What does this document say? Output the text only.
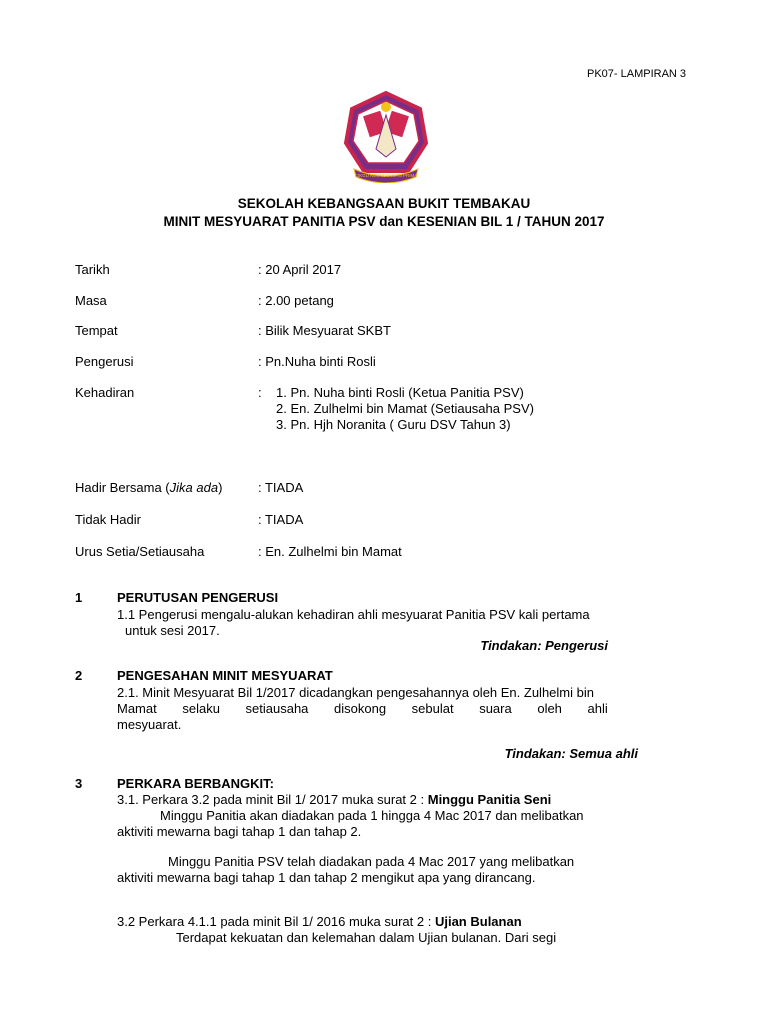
PK07- LAMPIRAN 3
CIKGU KEUNGGULAN PRIMA
SEKOLAH KEBANGSAAN BUKIT TEMBAKAU
MINIT MESYUARAT PANITIA PSV dan KESENIAN BIL 1 / TAHUN 2017
Tarikh	: 20 April 2017
Masa	: 2.00 petang
Tempat	: Bilik Mesyuarat SKBT
Pengerusi	: Pn.Nuha binti Rosli
Kehadiran	: 1. Pn. Nuha binti Rosli (Ketua Panitia PSV)
2. En. Zulhelmi bin Mamat (Setiausaha PSV)
3. Pn. Hjh Noranita ( Guru DSV Tahun 3)
Hadir Bersama (Jika ada)	: TIADA
Tidak Hadir	: TIADA
Urus Setia/Setiausaha	: En. Zulhelmi bin Mamat
1	PERUTUSAN PENGERUSI
1.1 Pengerusi mengalu-alukan kehadiran ahli mesyuarat Panitia PSV kali pertama
untuk sesi 2017.
Tindakan: Pengerusi
2	PENGESAHAN MINIT MESYUARAT
2.1. Minit Mesyuarat Bil 1/2017 dicadangkan pengesahannya oleh En. Zulhelmi bin
Mamat selaku setiausaha disokong sebulat suara oleh ahli
mesyuarat.
Tindakan: Semua ahli
3	PERKARA BERBANGKIT:
3.1. Perkara 3.2 pada minit Bil 1/ 2017 muka surat 2 : Minggu Panitia Seni
Minggu Panitia akan diadakan pada 1 hingga 4 Mac 2017 dan melibatkan
aktiviti mewarna bagi tahap 1 dan tahap 2.
Minggu Panitia PSV telah diadakan pada 4 Mac 2017 yang melibatkan
aktiviti mewarna bagi tahap 1 dan tahap 2 mengikut apa yang dirancang.
3.2 Perkara 4.1.1 pada minit Bil 1/ 2016 muka surat 2 : Ujian Bulanan
Terdapat kekuatan dan kelemahan dalam Ujian bulanan. Dari segi
